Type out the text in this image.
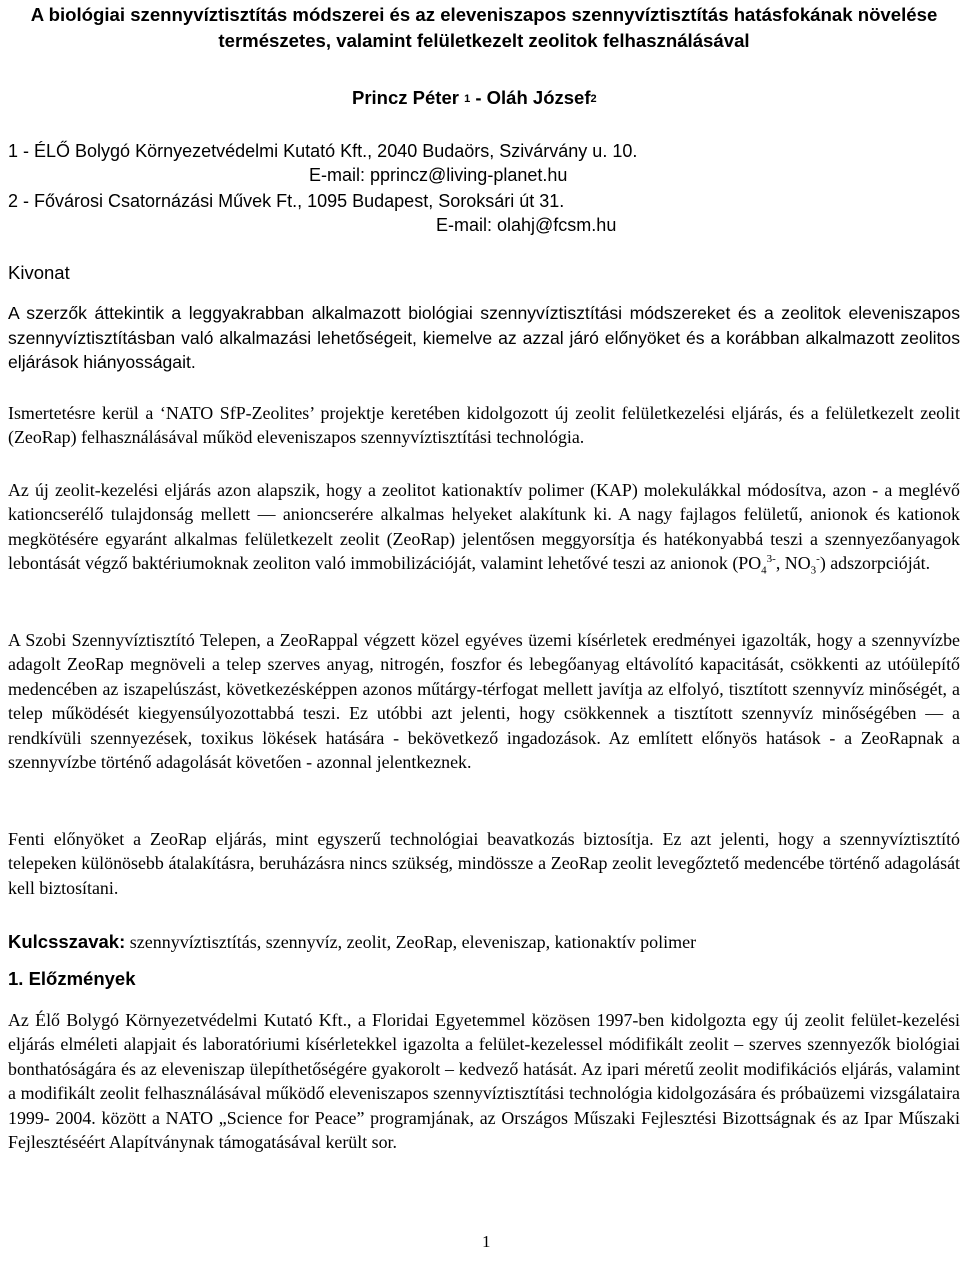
A biológiai szennyvíztisztítás módszerei és az eleveniszapos szennyvíztisztítás hatásfokának növelése
természetes, valamint felületkezelt zeolitok felhasználásával
Princz Péter $^1$ - Oláh József$^2$
1 - ÉLŐ Bolygó Környezetvédelmi Kutató Kft., 2040 Budaörs, Szivárvány u. 10.
E-mail: pprincz@living-planet.hu
2 - Fővárosi Csatornázási Művek Ft., 1095 Budapest, Soroksári út 31.
E-mail: olahj@fcsm.hu
Kivonat

A szerzők áttekintik a leggyakrabban alkalmazott biológiai szennyvíztisztítási módszereket és a zeolitok eleveniszapos szennyvíztisztításban való alkalmazási lehetőségeit, kiemelve az azzal járó előnyöket és a korábban alkalmazott zeolitos eljárások hiányosságait.

Ismertetésre kerül a ‘NATO SfP-Zeolites’ projektje keretében kidolgozott új zeolit felületkezelési eljárás, és a felületkezelt zeolit (ZeoRap) felhasználásával működ eleveniszapos szennyvíztisztítási technológia.

Az új zeolit-kezelési eljárás azon alapszik, hogy a zeolitot kationaktív polimer (KAP) molekulákkal módosítva, azon - a meglévő kationcserélő tulajdonság mellett — anioncserére alkalmas helyeket alakítunk ki. A nagy fajlagos felületű, anionok és kationok megkötésére egyaránt alkalmas felületkezelt zeolit (ZeoRap) jelentősen meggyorsítja és hatékonyabbá teszi a szennyezőanyagok lebontását végző baktériumoknak zeoliton való immobilizációját, valamint lehetővé teszi az anionok ($PO_4^{3-}$, $NO_3^-$) adszorpcióját.

A Szobi Szennyvíztisztító Telepen, a ZeoRappal végzett közel egyéves üzemi kísérletek eredményei igazolták, hogy a szennyvízbe adagolt ZeoRap megnöveli a telep szerves anyag, nitrogén, foszfor és lebegőanyag eltávolító kapacitását, csökkenti az utóülepítő medencében az iszapelúszást, következésképpen azonos műtárgy-térfogat mellett javítja az elfolyó, tisztított szennyvíz minőségét, a telep működését kiegyensúlyozottabbá teszi. Ez utóbbi azt jelenti, hogy csökkennek a tisztított szennyvíz minőségében — a rendkívüli szennyezések, toxikus lökések hatására - bekövetkező ingadozások. Az említett előnyös hatások - a ZeoRapnak a szennyvízbe történő adagolását követően - azonnal jelentkeznek.

Fenti előnyöket a ZeoRap eljárás, mint egyszerű technológiai beavatkozás biztosítja. Ez azt jelenti, hogy a szennyvíztisztító telepeken különösebb átalakításra, beruházásra nincs szükség, mindössze a ZeoRap zeolit levegőztető medencébe történő adagolását kell biztosítani.

Kulcsszavak: szennyvíztisztítás, szennyvíz, zeolit, ZeoRap, eleveniszap, kationaktív polimer
1. Előzmények

Az Élő Bolygó Környezetvédelmi Kutató Kft., a Floridai Egyetemmel közösen 1997-ben kidolgozta egy új zeolit felület-kezelési eljárás elméleti alapjait és laboratóriumi kísérletekkel igazolta a felület-kezelessel módifikált zeolit – szerves szennyezők biológiai bonthatóságára és az eleveniszap ülepíthetőségére gyakorolt – kedvező hatását. Az ipari méretű zeolit modifikációs eljárás, valamint a modifikált zeolit felhasználásával működő eleveniszapos szennyvíztisztítási technológia kidolgozására és próbaüzemi vizsgálataira 1999- 2004. között a NATO „Science for Peace” programjának, az Országos Műszaki Fejlesztési Bizottságnak és az Ipar Műszaki Fejlesztéséért Alapítványnak támogatásával került sor.

1
